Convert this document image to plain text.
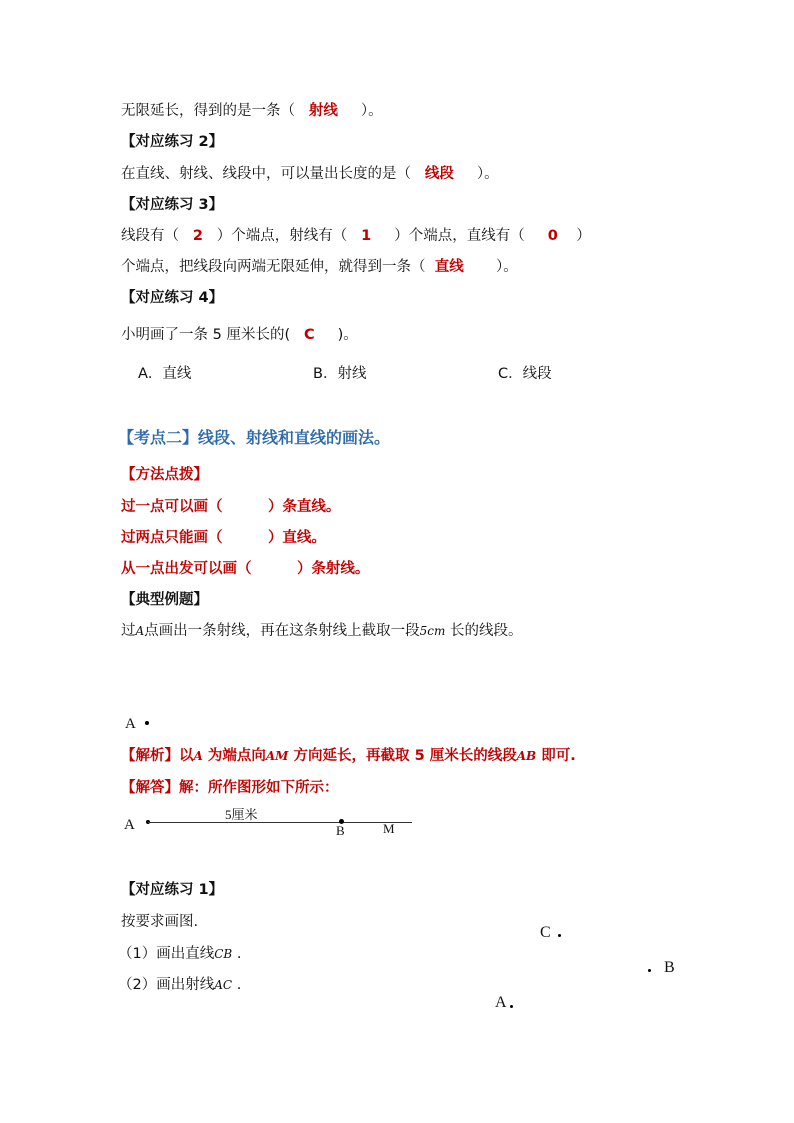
无限延长，得到的是一条（ 射线 ）。
【对应练习 2】
在直线、射线、线段中，可以量出长度的是（ 线段 ）。
【对应练习 3】
线段有（ 2 ）个端点，射线有（ 1 ）个端点，直线有（ 0 ）
个端点，把线段向两端无限延伸，就得到一条（ 直线 ）。
【对应练习 4】
小明画了一条 5 厘米长的( C )。
A．直线	B．射线	C．线段
【考点二】线段、射线和直线的画法。
【方法点拨】
过一点可以画（	）条直线。
过两点只能画（	）直线。
从一点出发可以画（	）条射线。
【典型例题】
过A点画出一条射线，再在这条射线上截取一段5cm 长的线段。
A
【解析】以A 为端点向AM 方向延长，再截取 5 厘米长的线段AB 即可.
【解答】解：所作图形如下所示：
A
5厘米
B	M
【对应练习 1】
按要求画图.
（1）画出直线CB .
（2）画出射线AC .
C
B
A
